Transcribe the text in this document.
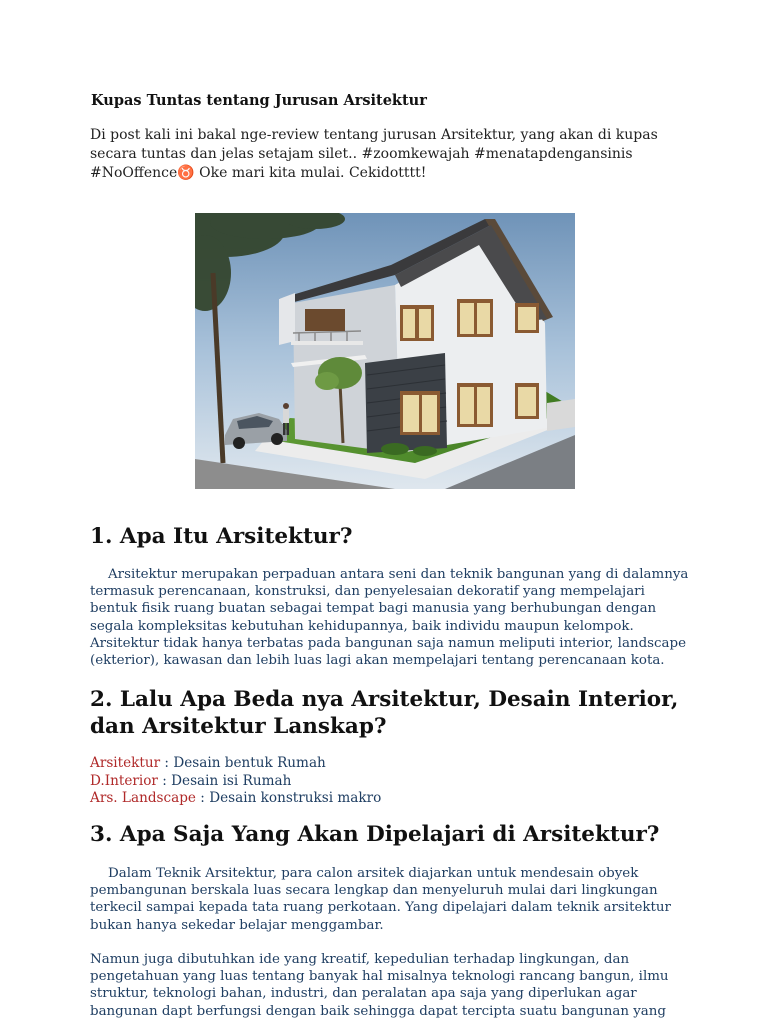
Kupas Tuntas tentang Jurusan Arsitektur

Di post kali ini bakal nge-review tentang jurusan Arsitektur, yang akan di kupas secara tuntas dan jelas setajam silet.. #zoomkewajah #menatapdengansinis #NoOffence♉ Oke mari kita mulai. Cekidotttt!

1. Apa Itu Arsitektur?

Arsitektur merupakan perpaduan antara seni dan teknik bangunan yang di dalamnya termasuk perencanaan, konstruksi, dan penyelesaian dekoratif yang mempelajari bentuk fisik ruang buatan sebagai tempat bagi manusia yang berhubungan dengan segala kompleksitas kebutuhan kehidupannya, baik individu maupun kelompok. Arsitektur tidak hanya terbatas pada bangunan saja namun meliputi interior, landscape (ekterior), kawasan dan lebih luas lagi akan mempelajari tentang perencanaan kota.

2. Lalu Apa Beda nya Arsitektur, Desain Interior, dan Arsitektur Lanskap?
Arsitektur : Desain bentuk Rumah
D.Interior : Desain isi Rumah
Ars. Landscape : Desain konstruksi makro
3. Apa Saja Yang Akan Dipelajari di Arsitektur?

Dalam Teknik Arsitektur, para calon arsitek diajarkan untuk mendesain obyek pembangunan berskala luas secara lengkap dan menyeluruh mulai dari lingkungan terkecil sampai kepada tata ruang perkotaan. Yang dipelajari dalam teknik arsitektur bukan hanya sekedar belajar menggambar.

Namun juga dibutuhkan ide yang kreatif, kepedulian terhadap lingkungan, dan pengetahuan yang luas tentang banyak hal misalnya teknologi rancang bangun, ilmu struktur, teknologi bahan, industri, dan peralatan apa saja yang diperlukan agar bangunan dapt berfungsi dengan baik sehingga dapat tercipta suatu bangunan yang
